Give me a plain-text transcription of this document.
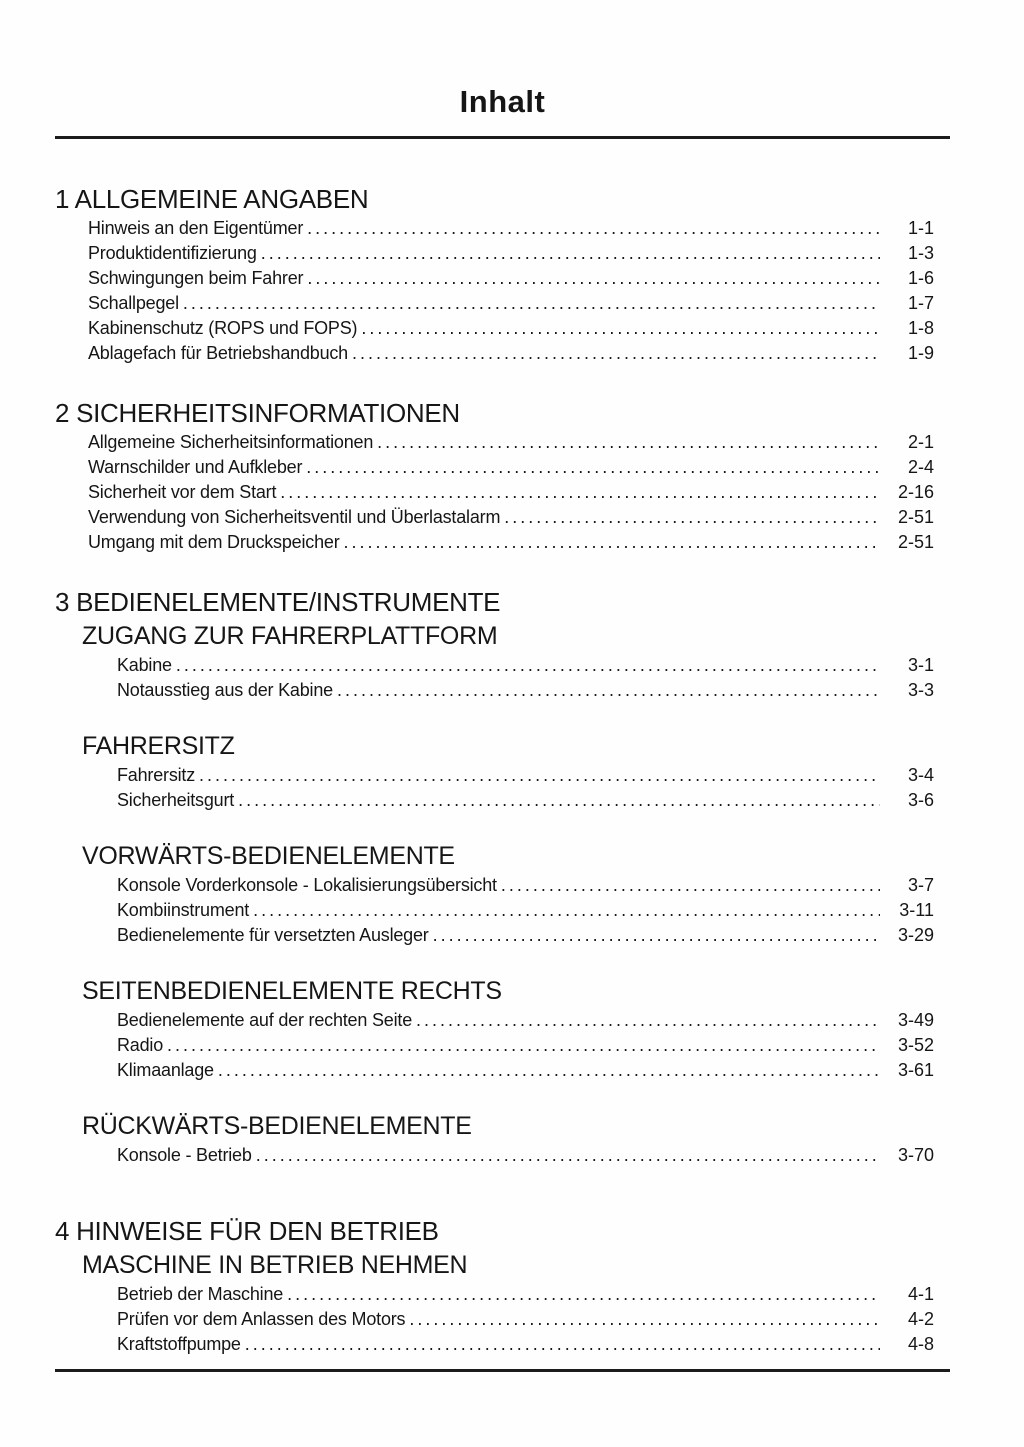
Inhalt
1 ALLGEMEINE ANGABEN
Hinweis an den Eigentümer .....	1-1
Produktidentifizierung .....	1-3
Schwingungen beim Fahrer .....	1-6
Schallpegel .....	1-7
Kabinenschutz (ROPS und FOPS) .....	1-8
Ablagefach für Betriebshandbuch .....	1-9
2 SICHERHEITSINFORMATIONEN
Allgemeine Sicherheitsinformationen .....	2-1
Warnschilder und Aufkleber .....	2-4
Sicherheit vor dem Start .....	2-16
Verwendung von Sicherheitsventil und Überlastalarm .....	2-51
Umgang mit dem Druckspeicher .....	2-51
3 BEDIENELEMENTE/INSTRUMENTE
ZUGANG ZUR FAHRERPLATTFORM
Kabine .....	3-1
Notausstieg aus der Kabine .....	3-3
FAHRERSITZ
Fahrersitz .....	3-4
Sicherheitsgurt .....	3-6
VORWÄRTS-BEDIENELEMENTE
Konsole Vorderkonsole - Lokalisierungsübersicht .....	3-7
Kombiinstrument .....	3-11
Bedienelemente für versetzten Ausleger .....	3-29
SEITENBEDIENELEMENTE RECHTS
Bedienelemente auf der rechten Seite .....	3-49
Radio .....	3-52
Klimaanlage .....	3-61
RÜCKWÄRTS-BEDIENELEMENTE
Konsole - Betrieb .....	3-70
4 HINWEISE FÜR DEN BETRIEB
MASCHINE IN BETRIEB NEHMEN
Betrieb der Maschine .....	4-1
Prüfen vor dem Anlassen des Motors .....	4-2
Kraftstoffpumpe .....	4-8
